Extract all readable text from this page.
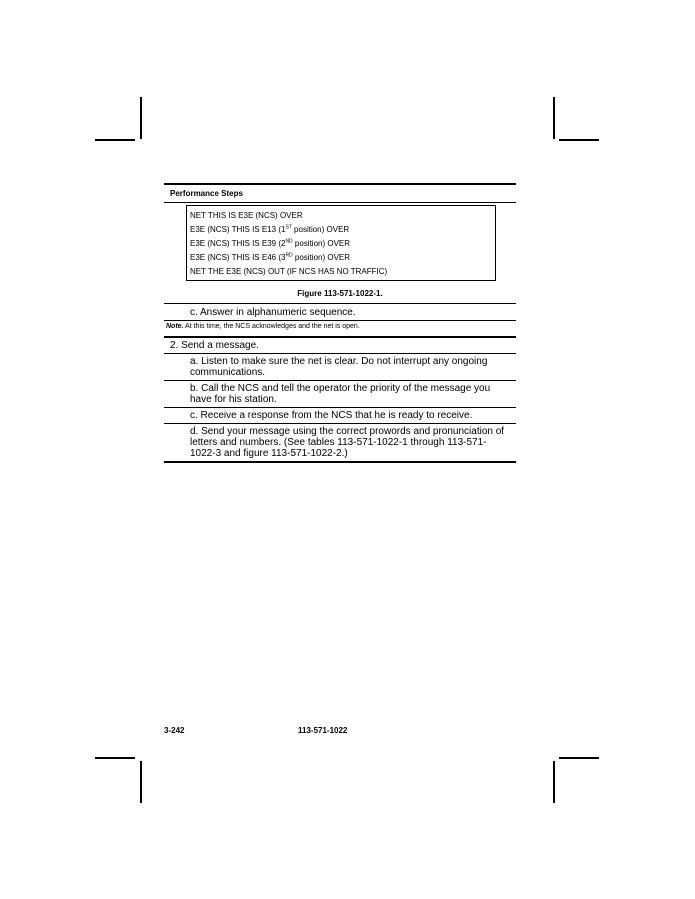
Performance Steps
NET THIS IS E3E (NCS) OVER
E3E (NCS) THIS IS E13 (1ST position) OVER
E3E (NCS) THIS IS E39 (2ND position) OVER
E3E (NCS) THIS IS E46 (3RD position) OVER
NET THE E3E (NCS) OUT (IF NCS HAS NO TRAFFIC)
Figure 113-571-1022-1.
c. Answer in alphanumeric sequence.
Note. At this time, the NCS acknowledges and the net is open.
2. Send a message.
a. Listen to make sure the net is clear. Do not interrupt any ongoing communications.
b. Call the NCS and tell the operator the priority of the message you have for his station.
c. Receive a response from the NCS that he is ready to receive.
d. Send your message using the correct prowords and pronunciation of letters and numbers. (See tables 113-571-1022-1 through 113-571-1022-3 and figure 113-571-1022-2.)
3-242	113-571-1022
